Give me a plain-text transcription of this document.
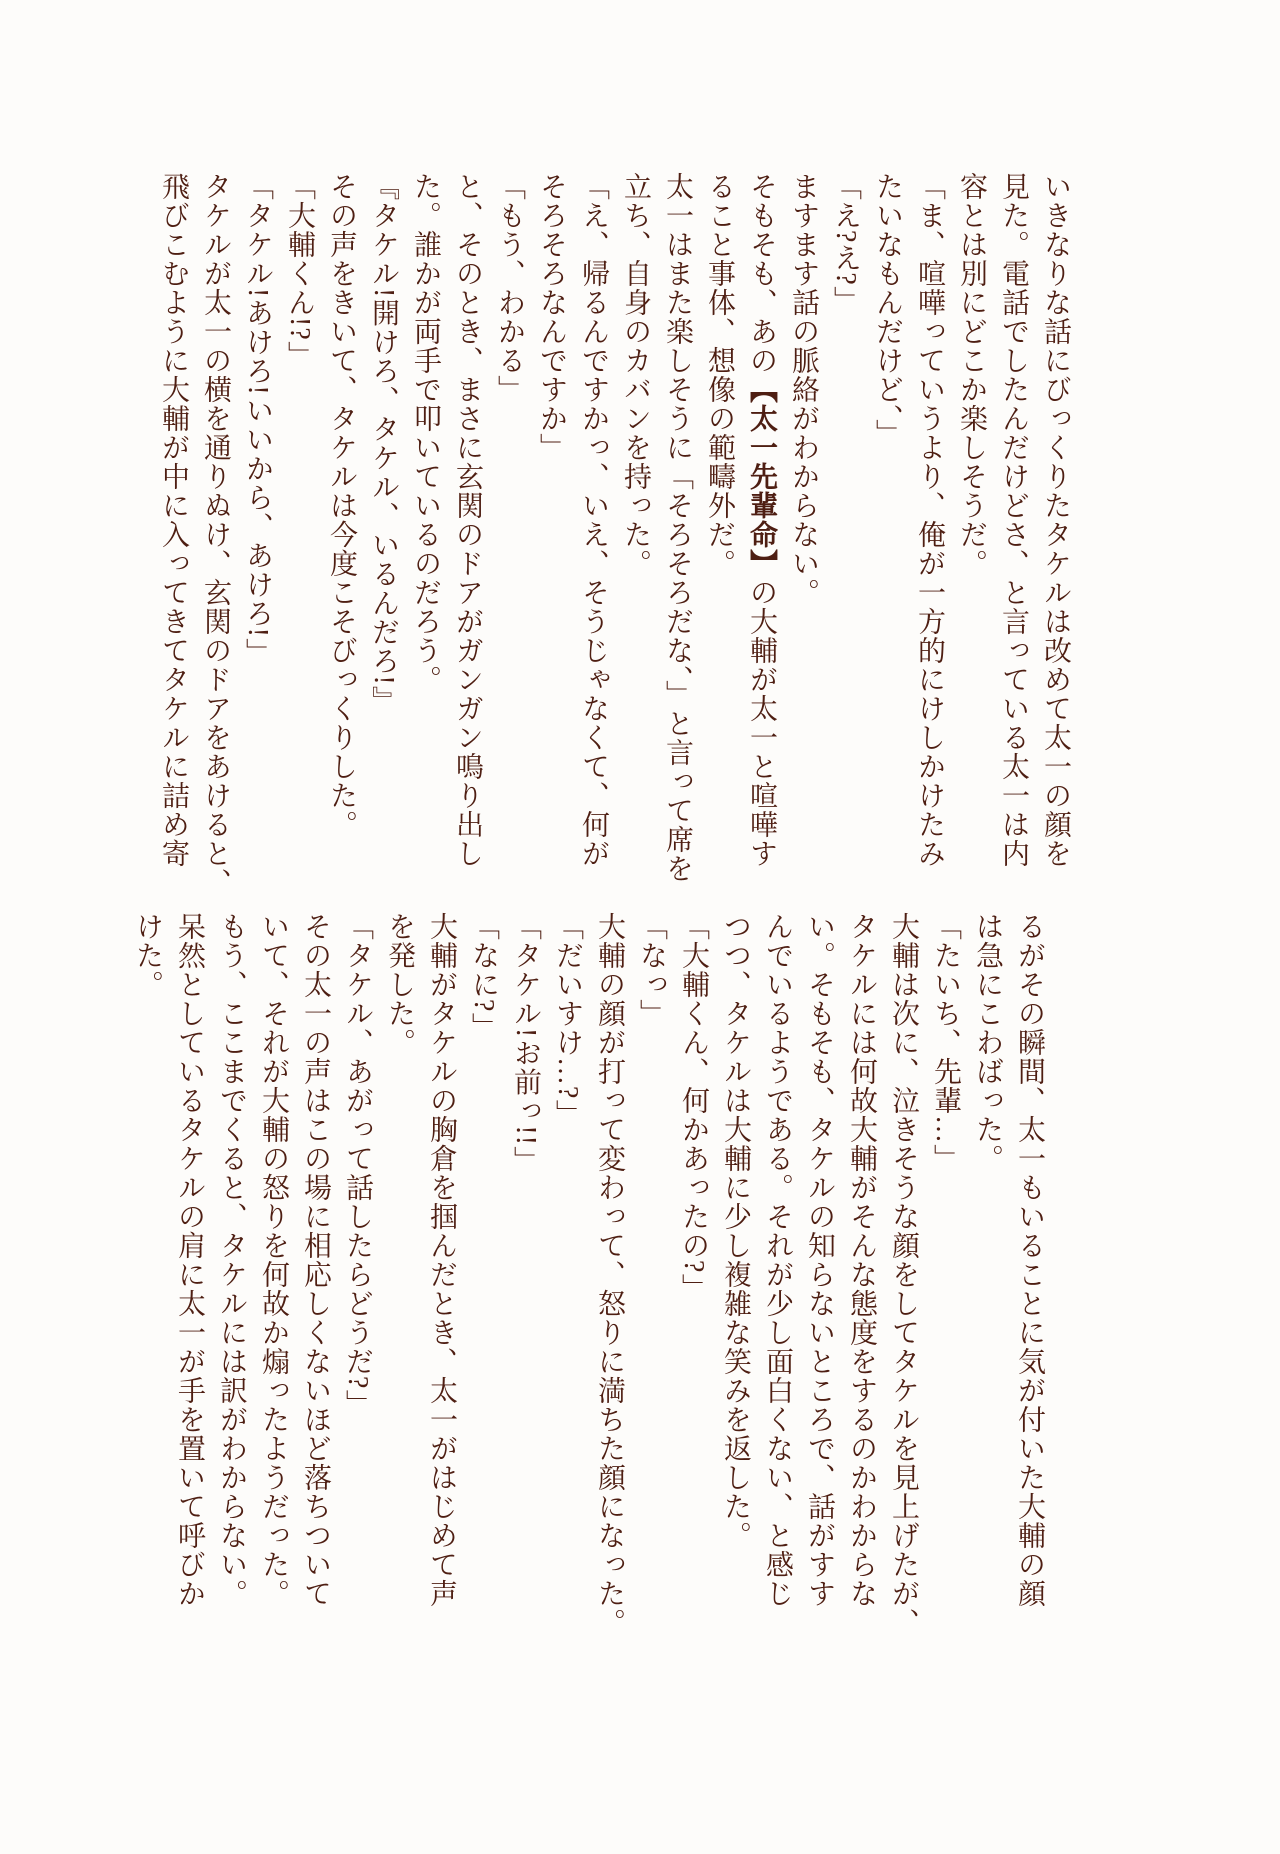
いきなりな話にびっくりたタケルは改めて太一の顔を
見た。電話でしたんだけどさ、と言っている太一は内
容とは別にどこか楽しそうだ。
「ま、喧嘩っていうより、俺が一方的にけしかけたみ
たいなもんだけど、」
「え?え?」
ますます話の脈絡がわからない。
そもそも、あの【太一先輩命】の大輔が太一と喧嘩す
ること事体、想像の範疇外だ。
太一はまた楽しそうに「そろそろだな、」と言って席を
立ち、自身のカバンを持った。
「え、帰るんですかっ、いえ、そうじゃなくて、何が
そろそろなんですか」
「もう、わかる」
と、そのとき、まさに玄関のドアがガンガン鳴り出し
た。誰かが両手で叩いているのだろう。
『タケル!開けろ、タケル、いるんだろ!』
その声をきいて、タケルは今度こそびっくりした。
「大輔くん!?」
「タケル!あけろ!いいから、あけろ!」
タケルが太一の横を通りぬけ、玄関のドアをあけると、
飛びこむように大輔が中に入ってきてタケルに詰め寄
るがその瞬間、太一もいることに気が付いた大輔の顔
は急にこわばった。
「たいち、先輩…」
大輔は次に、泣きそうな顔をしてタケルを見上げたが、
タケルには何故大輔がそんな態度をするのかわからな
い。そもそも、タケルの知らないところで、話がすす
んでいるようである。それが少し面白くない、と感じ
つつ、タケルは大輔に少し複雑な笑みを返した。
「大輔くん、何かあったの?」
「なっ」
大輔の顔が打って変わって、怒りに満ちた顔になった。
「だいすけ…?」
「タケル!お前っ!!」
「なに?」
大輔がタケルの胸倉を掴んだとき、太一がはじめて声
を発した。
「タケル、あがって話したらどうだ?」
その太一の声はこの場に相応しくないほど落ちついて
いて、それが大輔の怒りを何故か煽ったようだった。
もう、ここまでくると、タケルには訳がわからない。
呆然としているタケルの肩に太一が手を置いて呼びか
けた。
